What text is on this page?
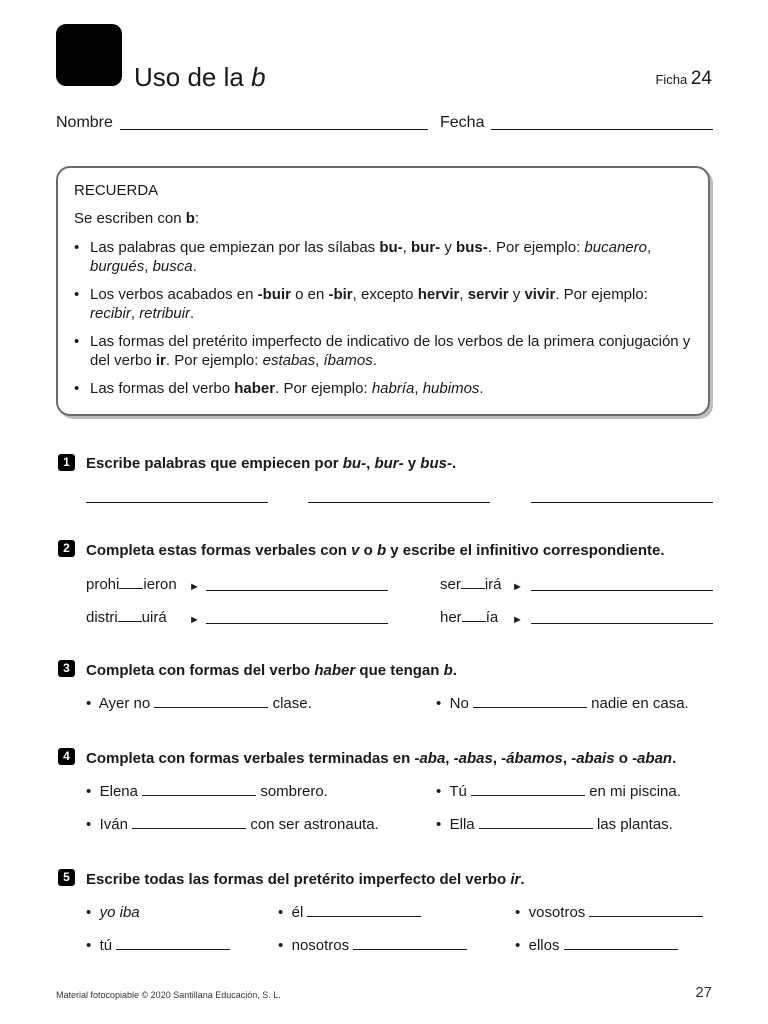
Uso de la b	Ficha 24
Nombre	Fecha
RECUERDA
Se escriben con b:
• Las palabras que empiezan por las sílabas bu-, bur- y bus-. Por ejemplo: bucanero, burgués, busca.
• Los verbos acabados en -buir o en -bir, excepto hervir, servir y vivir. Por ejemplo: recibir, retribuir.
• Las formas del pretérito imperfecto de indicativo de los verbos de la primera conjugación y del verbo ir. Por ejemplo: estabas, íbamos.
• Las formas del verbo haber. Por ejemplo: habría, hubimos.
1	Escribe palabras que empiecen por bu-, bur- y bus-.
2	Completa estas formas verbales con v o b y escribe el infinitivo correspondiente.
prohi ieron ►	ser irá ►
distri uirá ►	her ía ►
3	Completa con formas del verbo haber que tengan b.
• Ayer no	clase.	• No	nadie en casa.
4	Completa con formas verbales terminadas en -aba, -abas, -ábamos, -abais o -aban.
• Elena	sombrero.	• Tú	en mi piscina.
• Iván	con ser astronauta.	• Ella	las plantas.
5	Escribe todas las formas del pretérito imperfecto del verbo ir.
• yo iba	• él	• vosotros
• tú	• nosotros	• ellos
Material fotocopiable © 2020 Santillana Educación, S. L.	27
